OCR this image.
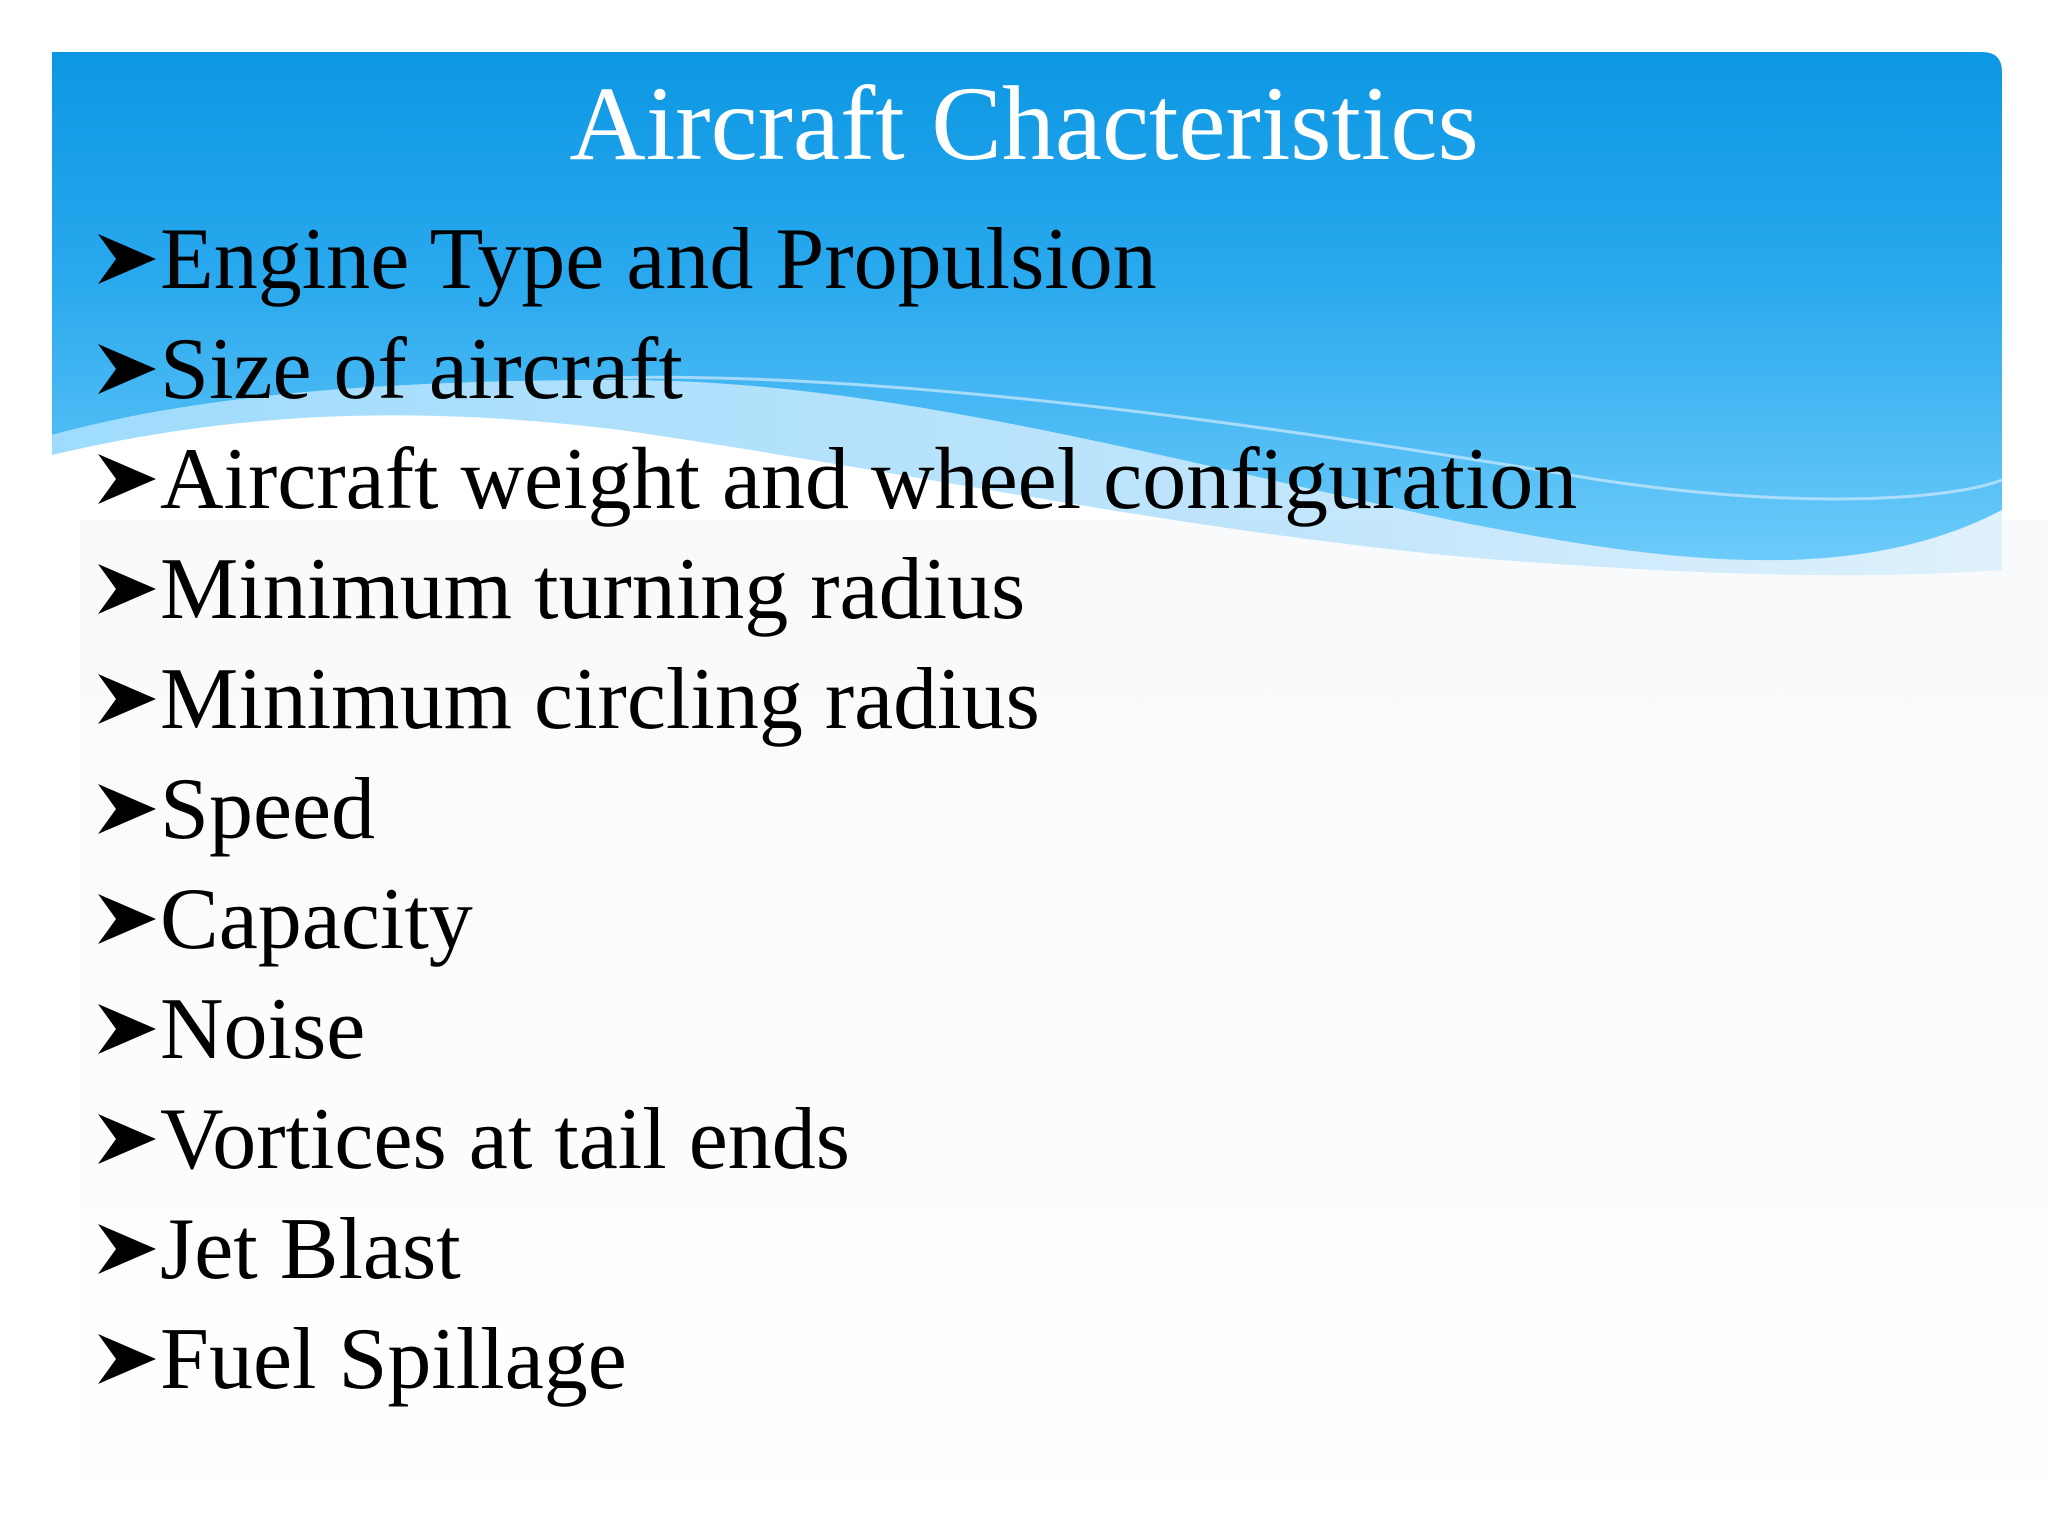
Aircraft Chacteristics
Engine Type and Propulsion
Size of aircraft
Aircraft weight and wheel configuration
Minimum turning radius
Minimum circling radius
Speed
Capacity
Noise
Vortices at tail ends
Jet Blast
Fuel Spillage
